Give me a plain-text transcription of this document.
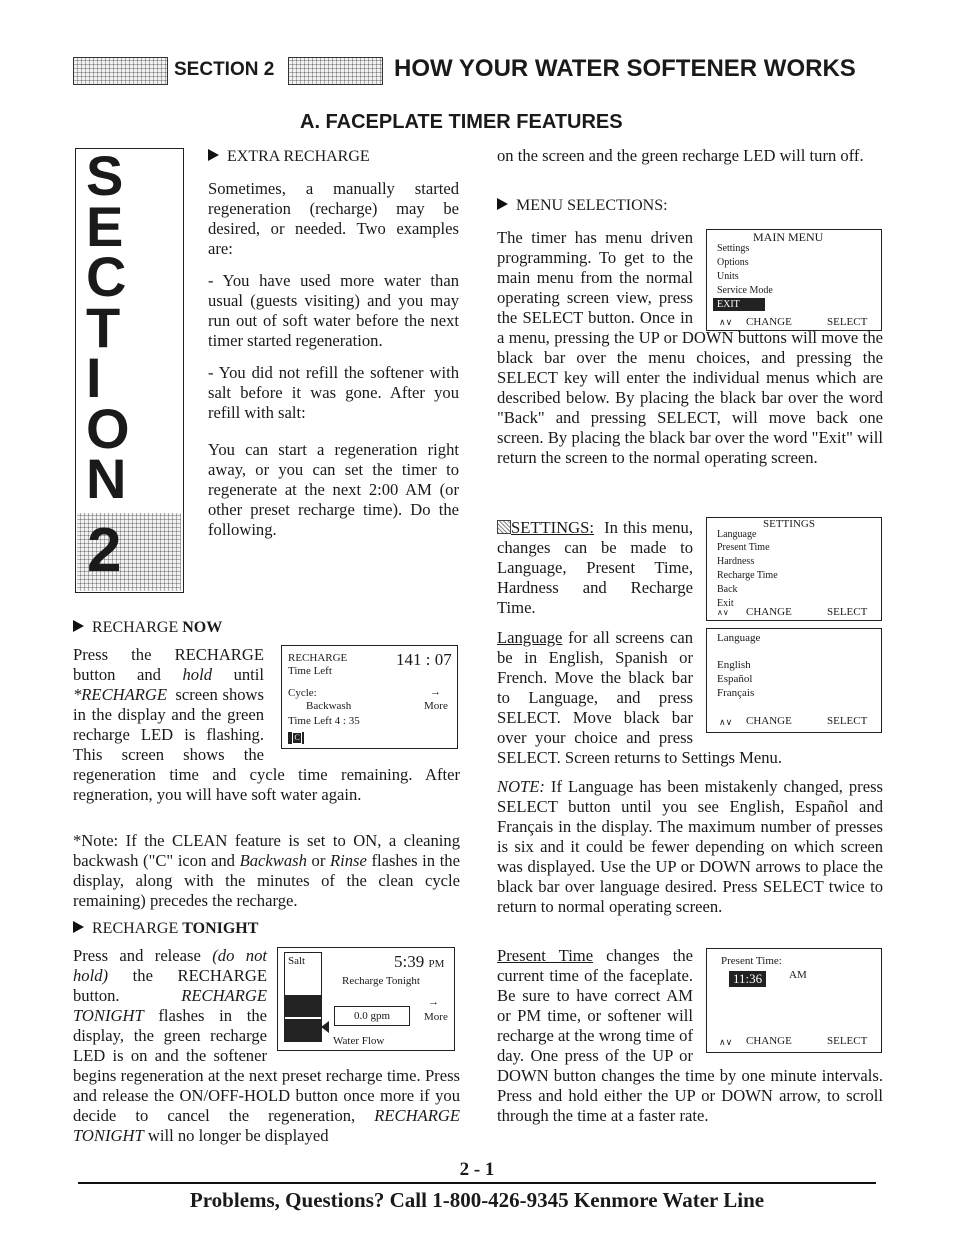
SECTION 2	HOW YOUR WATER SOFTENER WORKS
A. FACEPLATE TIMER FEATURES
S
E
C
T
I
O
N
2
EXTRA RECHARGE

Sometimes, a manually started regeneration (recharge) may be desired, or needed. Two examples are:

- You have used more water than usual (guests visiting) and you may run out of soft water before the next timer started regeneration.

- You did not refill the softener with salt before it was gone. After you refill with salt:

You can start a regeneration right away, or you can set the timer to regenerate at the next 2:00 AM (or other preset recharge time). Do the following.

RECHARGE NOW
RECHARGE
Time Left
141 : 07
Cycle:	→
Backwash	More
Time Left 4 : 35
C
Press the RECHARGE button and hold until *RECHARGE screen shows in the display and the green recharge LED is flashing. This screen shows the regeneration time and cycle time remaining. After regneration, you will have soft water again.

*Note: If the CLEAN feature is set to ON, a cleaning backwash ("C" icon and Backwash or Rinse flashes in the display, along with the minutes of the clean cycle remaining) precedes the recharge.
RECHARGE TONIGHT
Salt	5:39 PM
Recharge Tonight
→
0.0 gpm	More
Water Flow

Press and release (do not hold) the RECHARGE button.	RECHARGE TONIGHT flashes in the display, the green recharge LED is on and the softener begins regeneration at the next preset recharge time. Press and release the ON/OFF-HOLD button once more if you decide to cancel the regeneration, RECHARGE TONIGHT will no longer be displayed

on the screen and the green recharge LED will turn off.
MENU SELECTIONS:
MAIN MENU
Settings
Options
Units
Service Mode
EXIT
∧∨ CHANGE	SELECT

The timer has menu driven programming. To get to the main menu from the normal operating screen view, press the SELECT button. Once in a menu, pressing the UP or DOWN buttons will move the black bar over the menu choices, and pressing the SELECT key will enter the individual menus which are described below. By placing the black bar over the word "Back" and pressing SELECT, will move back one screen. By placing the black bar over the word "Exit" will return the screen to the normal operating screen.

SETTINGS
Language
Present Time
Hardness
Recharge Time
Back
Exit
∧∨ CHANGE	SELECT
SETTINGS: In this menu, changes can be made to Language, Present Time, Hardness and Recharge Time.
Language
English
Español
Français
∧∨ CHANGE	SELECT

Language for all screens can be in English, Spanish or French. Move the black bar to Language, and press SELECT. Move black bar over your choice and press SELECT. Screen returns to Settings Menu.

NOTE: If Language has been mistakenly changed, press SELECT button until you see English, Español and Français in the display. The maximum number of presses is six and it could be fewer depending on which screen was displayed. Use the UP or DOWN arrows to place the black bar over language desired. Press SELECT twice to return to normal operating screen.
Present Time:
11:36	AM
∧∨ CHANGE	SELECT

Present Time changes the current time of the faceplate. Be sure to have correct AM or PM time, or softener will recharge at the wrong time of day. One press of the UP or DOWN button changes the time by one minute intervals. Press and hold either the UP or DOWN arrow, to scroll through the time at a faster rate.

2 - 1
Problems, Questions? Call 1-800-426-9345 Kenmore Water Line
